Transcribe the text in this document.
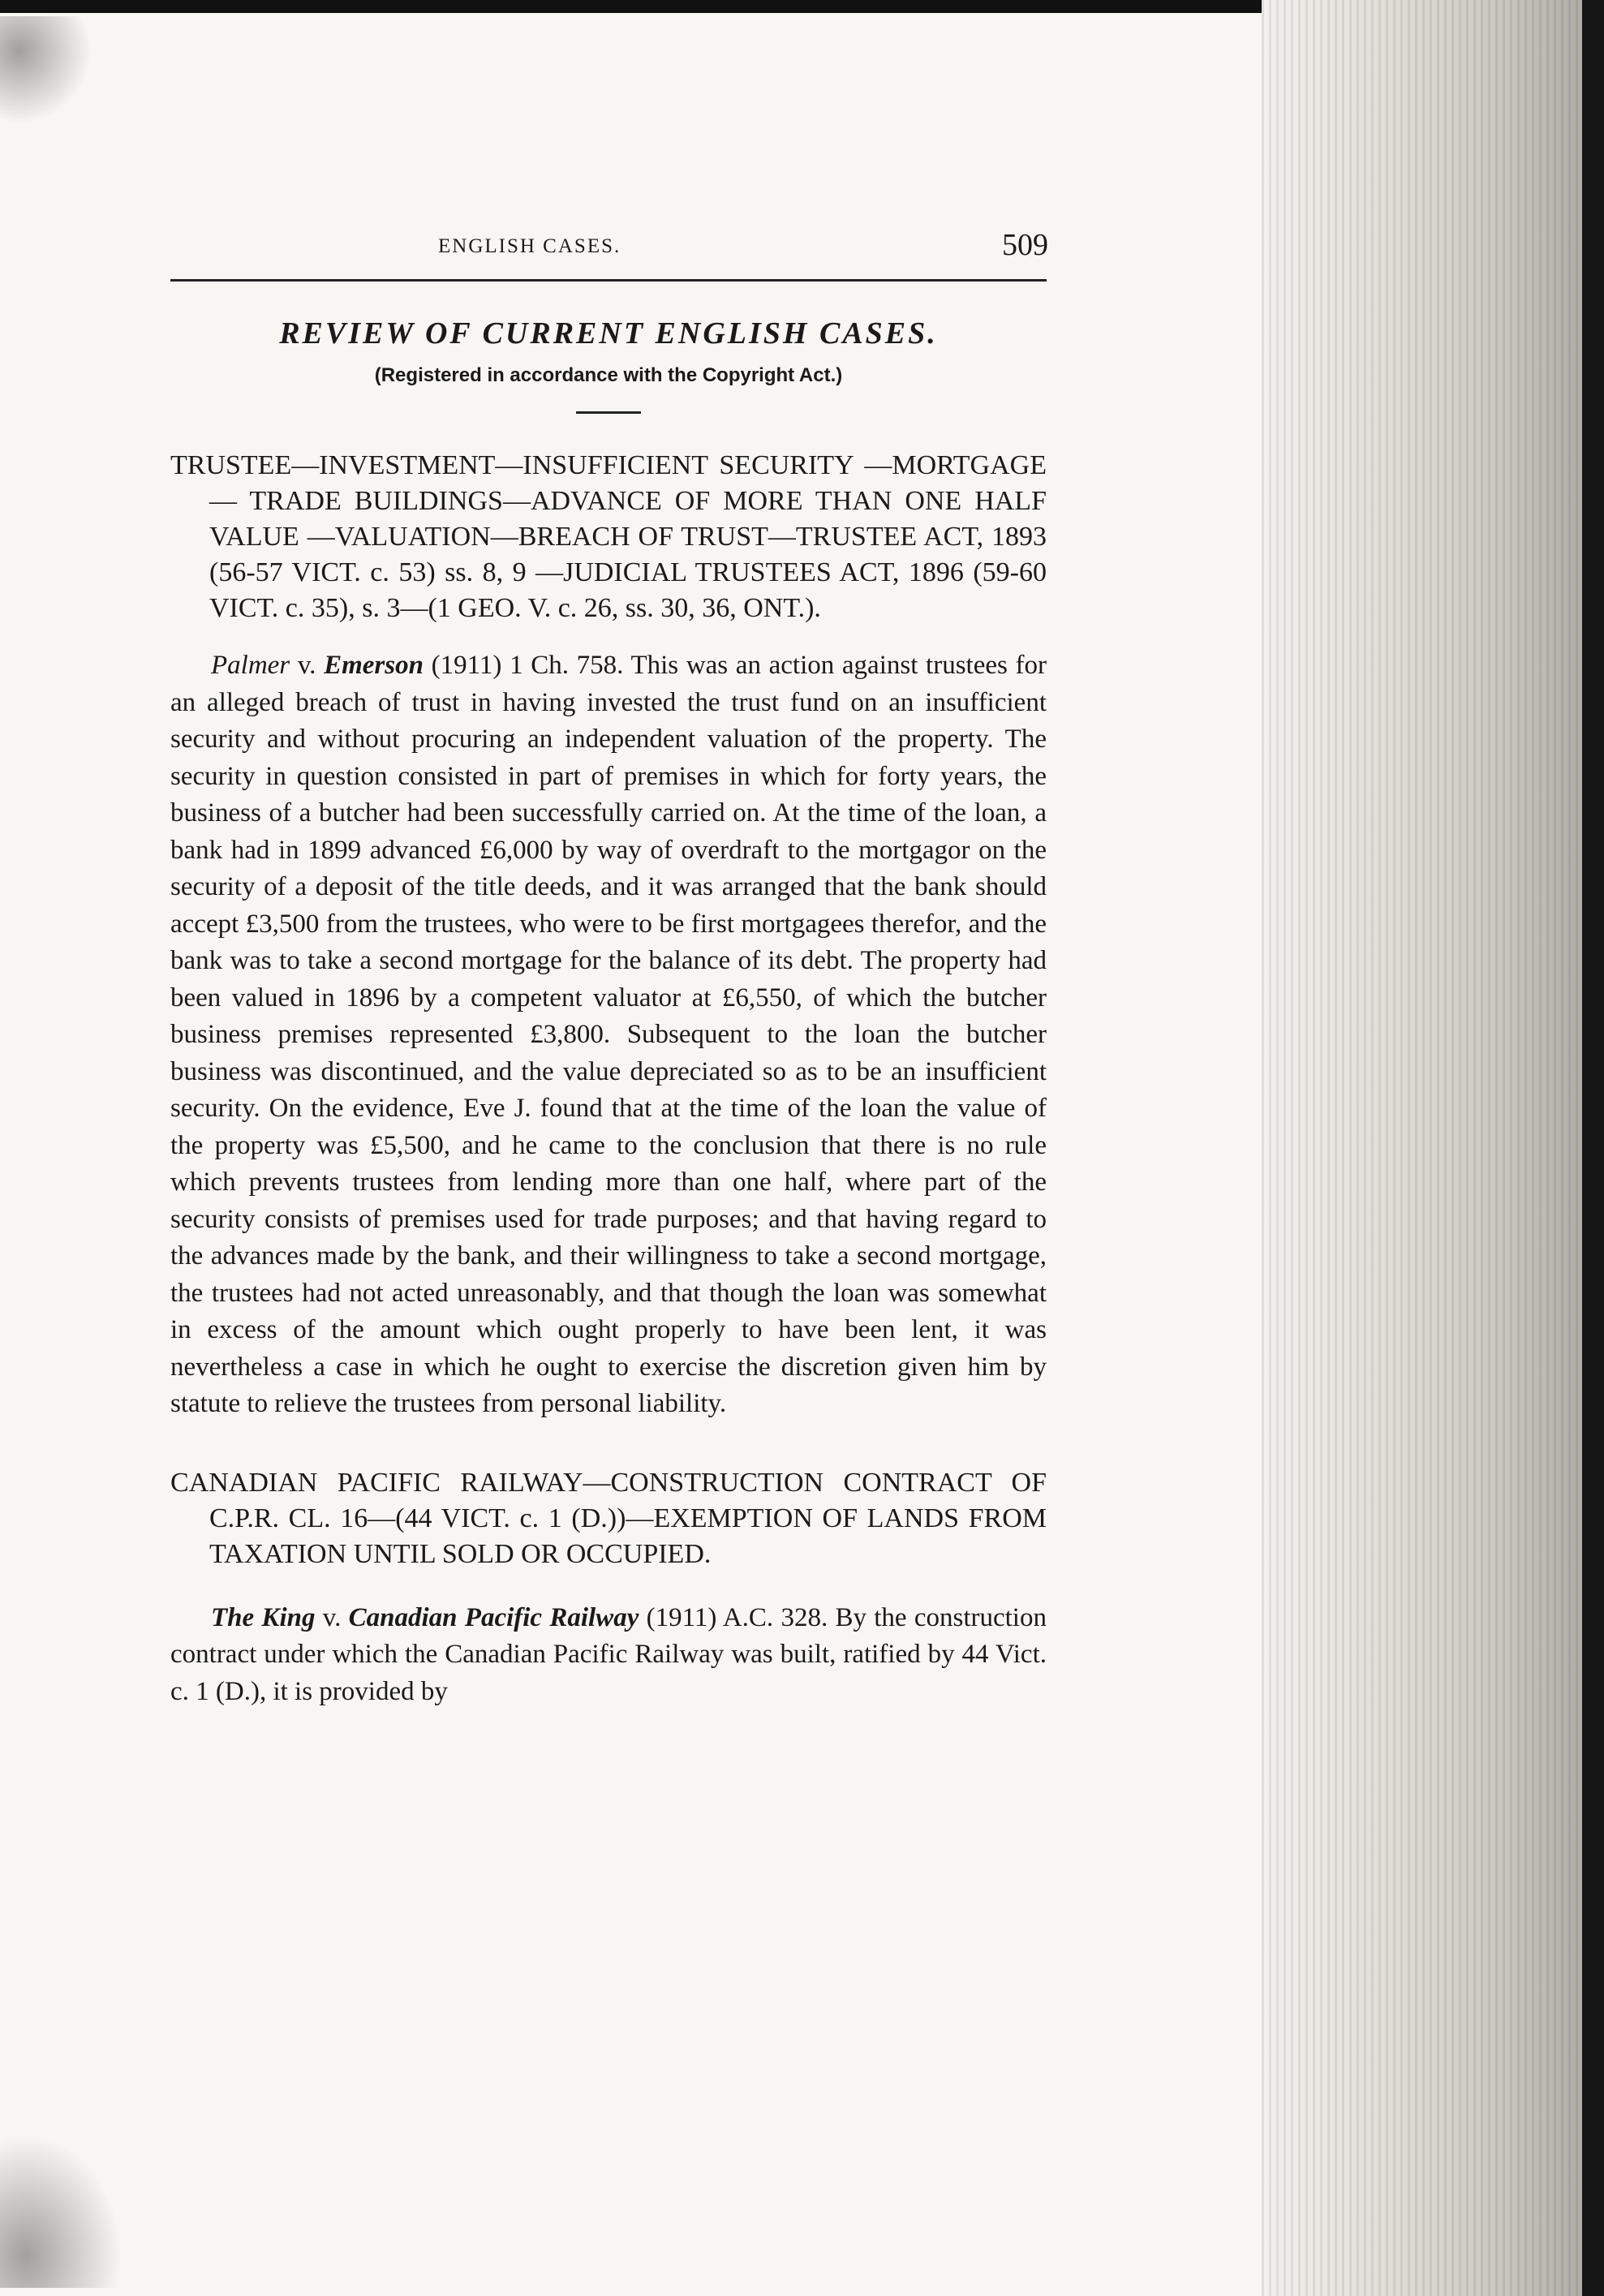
ENGLISH CASES.	509
REVIEW OF CURRENT ENGLISH CASES.
(Registered in accordance with the Copyright Act.)
TRUSTEE—INVESTMENT—INSUFFICIENT SECURITY —MORTGAGE— TRADE BUILDINGS—ADVANCE OF MORE THAN ONE HALF VALUE —VALUATION—BREACH OF TRUST—TRUSTEE ACT, 1893 (56-57 VICT. c. 53) ss. 8, 9 —JUDICIAL TRUSTEES ACT, 1896 (59-60 VICT. c. 35), s. 3—(1 GEO. V. c. 26, ss. 30, 36, ONT.).

Palmer v. Emerson (1911) 1 Ch. 758. This was an action against trustees for an alleged breach of trust in having invested the trust fund on an insufficient security and without procuring an independent valuation of the property. The security in question consisted in part of premises in which for forty years, the business of a butcher had been successfully carried on. At the time of the loan, a bank had in 1899 advanced £6,000 by way of overdraft to the mortgagor on the security of a deposit of the title deeds, and it was arranged that the bank should accept £3,500 from the trustees, who were to be first mortgagees therefor, and the bank was to take a second mortgage for the balance of its debt. The property had been valued in 1896 by a competent valuator at £6,550, of which the butcher business premises represented £3,800. Subsequent to the loan the butcher business was discontinued, and the value depreciated so as to be an insufficient security. On the evidence, Eve J. found that at the time of the loan the value of the property was £5,500, and he came to the conclusion that there is no rule which prevents trustees from lending more than one half, where part of the security consists of premises used for trade purposes; and that having regard to the advances made by the bank, and their willingness to take a second mortgage, the trustees had not acted unreasonably, and that though the loan was somewhat in excess of the amount which ought properly to have been lent, it was nevertheless a case in which he ought to exercise the discretion given him by statute to relieve the trustees from personal liability.

CANADIAN PACIFIC RAILWAY—CONSTRUCTION CONTRACT OF C.P.R. CL. 16—(44 VICT. c. 1 (D.))—EXEMPTION OF LANDS FROM TAXATION UNTIL SOLD OR OCCUPIED.

The King v. Canadian Pacific Railway (1911) A.C. 328. By the construction contract under which the Canadian Pacific Railway was built, ratified by 44 Vict. c. 1 (D.), it is provided by
